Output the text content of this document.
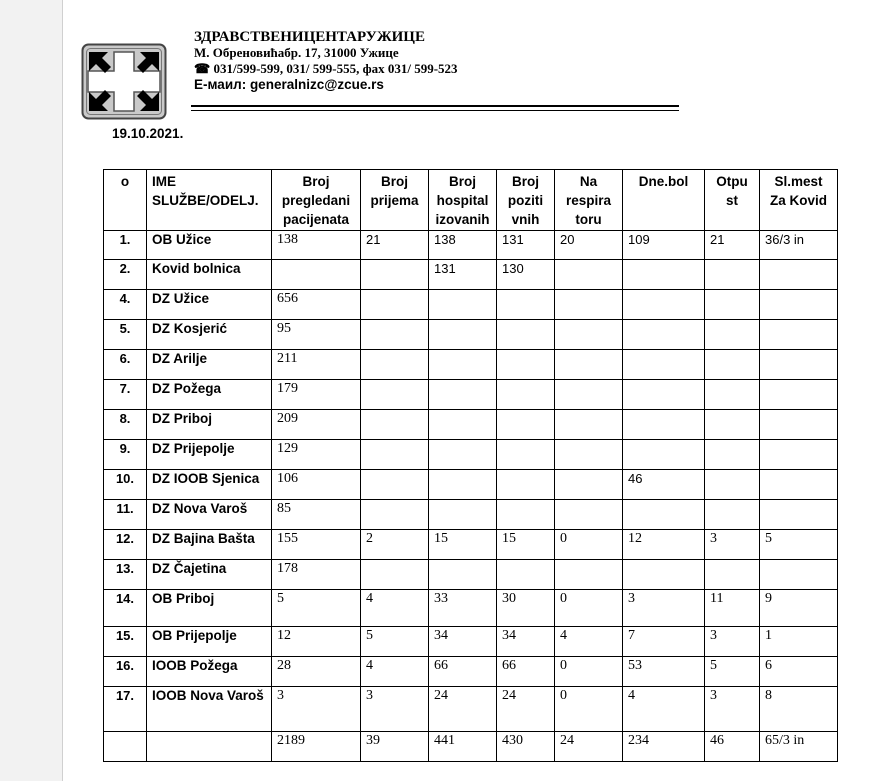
ЗДРАВСТВЕНИЦЕНТАРУЖИЦЕ
М. Обреновићабр. 17, 31000 Ужице
☎ 031/599-599, 031/ 599-555, фах 031/ 599-523
Е-маил: generalnizc@zcue.rs
19.10.2021.
o	IME SLUŽBE/ODELJ.	Broj pregledani pacijenata	Broj prijema	Broj hospital izovanih	Broj poziti vnih	Na respira toru	Dne.bol	Otpu st	Sl.mest Za Kovid
1.	OB Užice	138	21	138	131	20	109	21	36/3 in
2.	Kovid bolnica			131	130				
4.	DZ Užice	656							
5.	DZ Kosjerić	95							
6.	DZ Arilje	211							
7.	DZ Požega	179							
8.	DZ Priboj	209							
9.	DZ Prijepolje	129							
10.	DZ IOOB Sjenica	106					46		
11.	DZ Nova Varoš	85							
12.	DZ Bajina Bašta	155	2	15	15	0	12	3	5
13.	DZ Čajetina	178							
14.	OB Priboj	5	4	33	30	0	3	11	9
15.	OB Prijepolje	12	5	34	34	4	7	3	1
16.	IOOB Požega	28	4	66	66	0	53	5	6
17.	IOOB Nova Varoš	3	3	24	24	0	4	3	8
		2189	39	441	430	24	234	46	65/3 in
